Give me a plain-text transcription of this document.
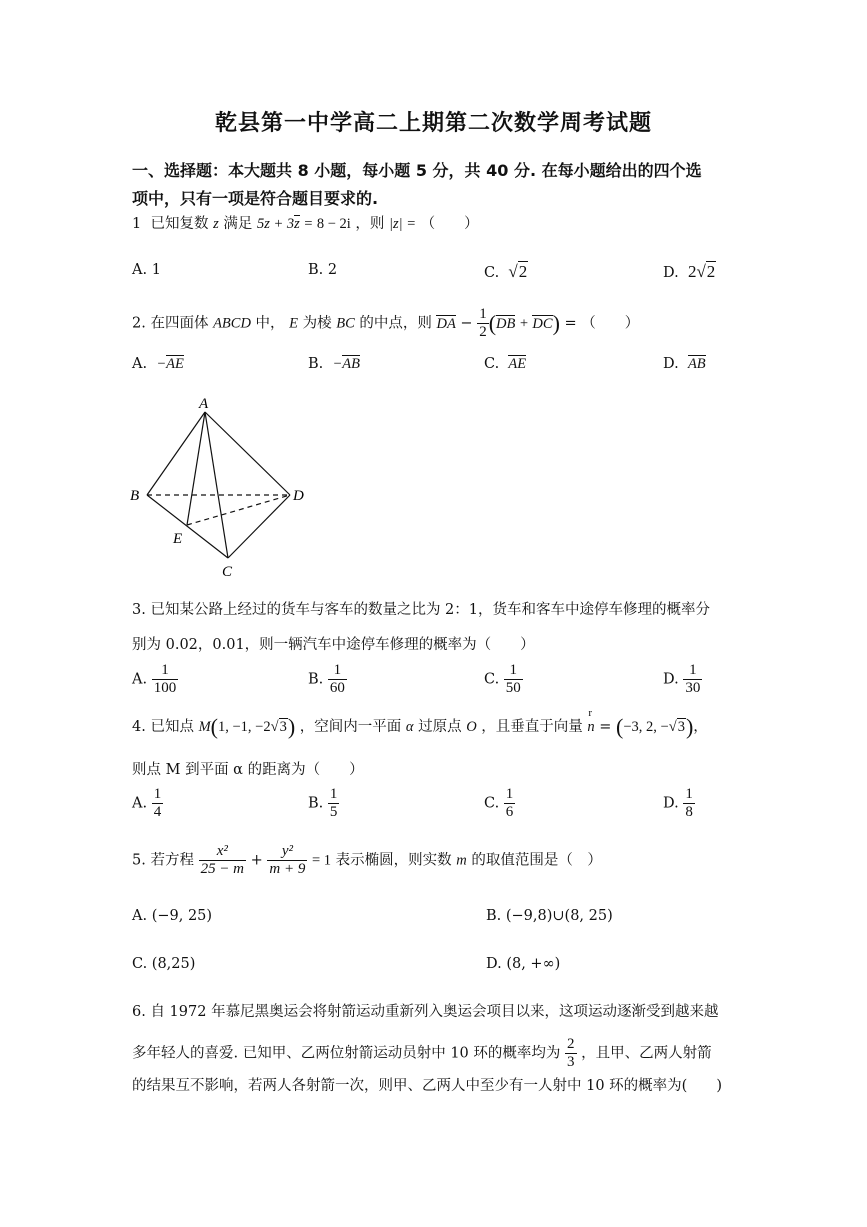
乾县第一中学高二上期第二次数学周考试题
一、选择题：本大题共 8 小题，每小题 5 分，共 40 分. 在每小题给出的四个选
项中，只有一项是符合题目要求的.
1 已知复数 z 满足 5z + 3z = 8 − 2i ，则 |z| = （　　）
A. 1	B. 2	C.  √2	D.  2√2
2. 在四面体 ABCD 中， E 为棱 BC 的中点，则 DA − $\frac{1}{2} (DB + DC)$ = （　　）
A.  −AE	B.  −AB	C.  AE	D.  AB
A
B	D
E
C
3. 已知某公路上经过的货车与客车的数量之比为 2：1，货车和客车中途停车修理的概率分
别为 0.02，0.01，则一辆汽车中途停车修理的概率为（　　）
A. $\frac{1}{100}$	B. $\frac{1}{60}$	C. $\frac{1}{50}$	D. $\frac{1}{30}$
4. 已知点 M(1, −1, −2√3) ，空间内一平面 α 过原点 O ，且垂直于向量 n
r
= (−3, 2, −√3)，
则点 M 到平面 α 的距离为（　　）
A. $\frac{1}{4}$	B. $\frac{1}{5}$	C. $\frac{1}{6}$	D. $\frac{1}{8}$
5. 若方程 $\frac{\text{x²}}{25 - m} + \frac{\text{y²}}{m + 9} = 1$ 表示椭圆，则实数 m 的取值范围是（　）
A. (−9, 25)	B. (−9,8)∪(8, 25)
C. (8,25)	D. (8, +∞)
6. 自 1972 年慕尼黑奥运会将射箭运动重新列入奥运会项目以来，这项运动逐渐受到越来越
多年轻人的喜爱. 已知甲、乙两位射箭运动员射中 10 环的概率均为 $\frac{2}{3}$ ，且甲、乙两人射箭
的结果互不影响，若两人各射箭一次，则甲、乙两人中至少有一人射中 10 环的概率为(　　)
